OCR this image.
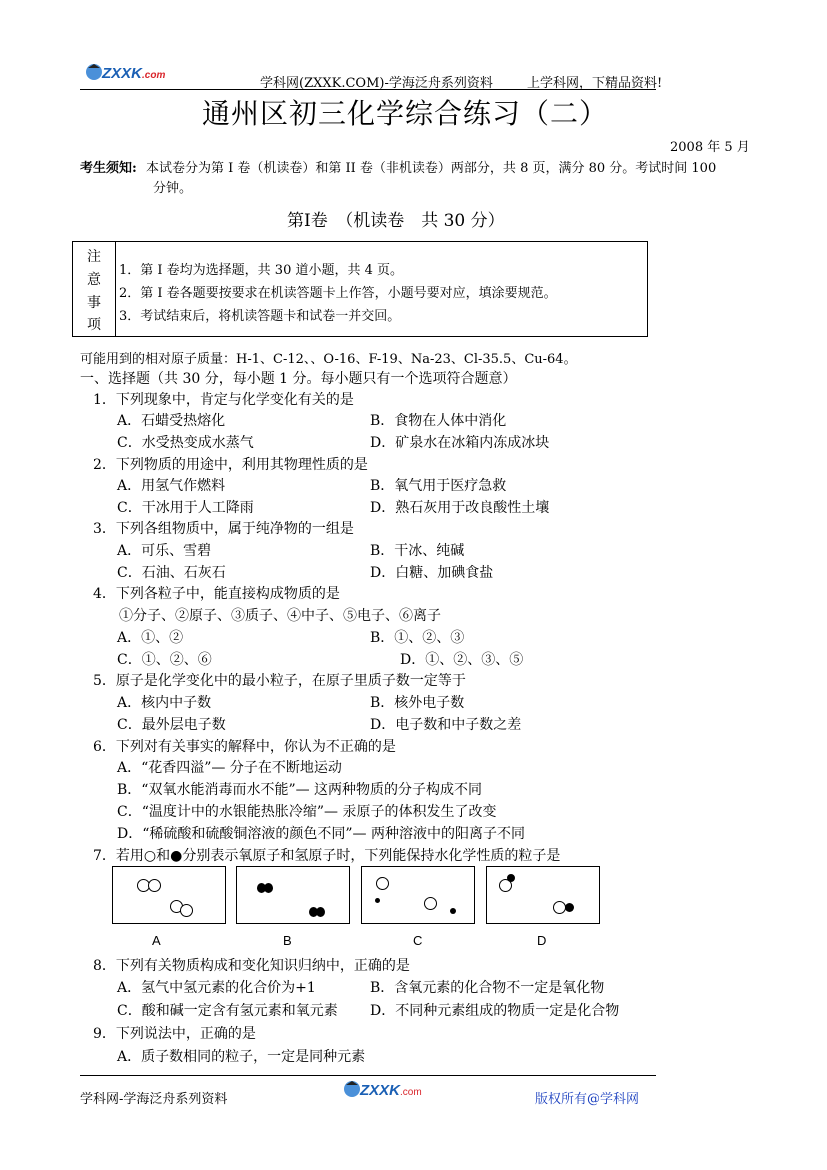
ZXXK .com
学科网(ZXXK.COM)-学海泛舟系列资料	上学科网，下精品资料!
通州区初三化学综合练习（二）
2008 年 5 月
考生须知: 本试卷分为第 I 卷（机读卷）和第 II 卷（非机读卷）两部分，共 8 页，满分 80 分。考试时间 100
分钟。
第Ⅰ卷　（机读卷　共 30 分）
注
意
事
项
1．第 I 卷均为选择题，共 30 道小题，共 4 页。
2．第 I 卷各题要按要求在机读答题卡上作答，小题号要对应，填涂要规范。
3．考试结束后，将机读答题卡和试卷一并交回。
可能用到的相对原子质量：H-1、C-12、、O-16、F-19、Na-23、Cl-35.5、Cu-64。
一、选择题（共 30 分，每小题 1 分。每小题只有一个选项符合题意）
1．下列现象中，肯定与化学变化有关的是
A．石蜡受热熔化	B．食物在人体中消化
C．水受热变成水蒸气	D．矿泉水在冰箱内冻成冰块
2．下列物质的用途中，利用其物理性质的是
A．用氢气作燃料	B．氧气用于医疗急救
C．干冰用于人工降雨	D．熟石灰用于改良酸性土壤
3．下列各组物质中，属于纯净物的一组是
A．可乐、雪碧	B．干冰、纯碱
C．石油、石灰石	D．白糖、加碘食盐
4．下列各粒子中，能直接构成物质的是
①分子、②原子、③质子、④中子、⑤电子、⑥离子
A．①、②	B．①、②、③
C．①、②、⑥	D．①、②、③、⑤
5．原子是化学变化中的最小粒子，在原子里质子数一定等于
A．核内中子数	B．核外电子数
C．最外层电子数	D．电子数和中子数之差
6．下列对有关事实的解释中，你认为不正确的是
A．“花香四溢”— 分子在不断地运动
B．“双氧水能消毒而水不能”— 这两种物质的分子构成不同
C．“温度计中的水银能热胀冷缩”— 汞原子的体积发生了改变
D．“稀硫酸和硫酸铜溶液的颜色不同”— 两种溶液中的阳离子不同
7．若用○和●分别表示氧原子和氢原子时，下列能保持水化学性质的粒子是
A	B	C	D
8．下列有关物质构成和变化知识归纳中，正确的是
A．氢气中氢元素的化合价为+1	B．含氧元素的化合物不一定是氧化物
C．酸和碱一定含有氢元素和氧元素 D．不同种元素组成的物质一定是化合物
9．下列说法中，正确的是
A．质子数相同的粒子，一定是同种元素
学科网-学海泛舟系列资料
ZXXK .com	版权所有@学科网
